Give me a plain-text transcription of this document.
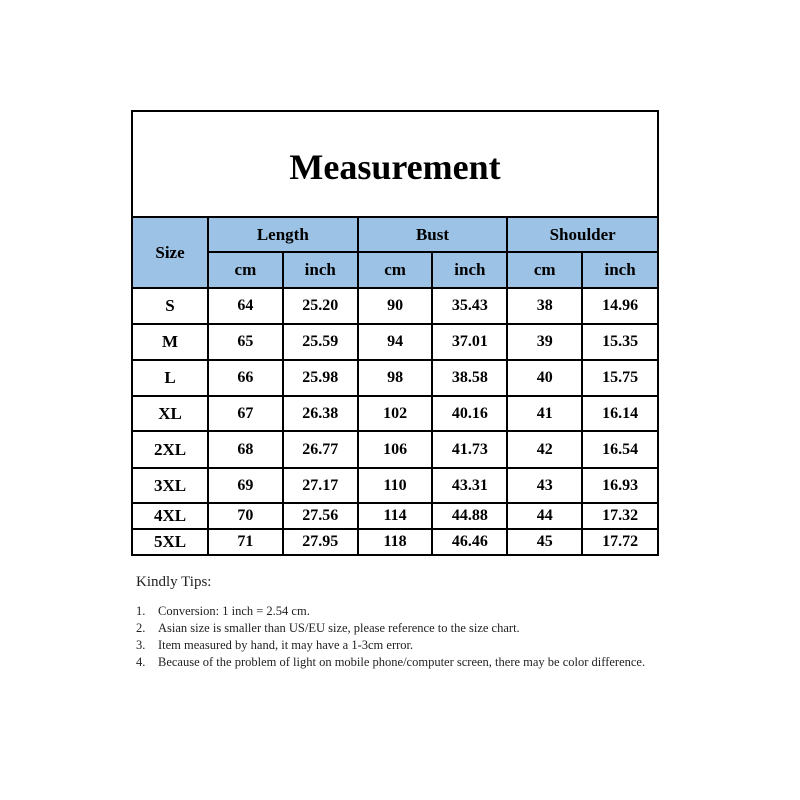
Measurement
Size	Length		Bust		Shoulder	
	cm	inch	cm	inch	cm	inch
S	64	25.20	90	35.43	38	14.96
M	65	25.59	94	37.01	39	15.35
L	66	25.98	98	38.58	40	15.75
XL	67	26.38	102	40.16	41	16.14
2XL	68	26.77	106	41.73	42	16.54
3XL	69	27.17	110	43.31	43	16.93
4XL	70	27.56	114	44.88	44	17.32
5XL	71	27.95	118	46.46	45	17.72
Kindly Tips:
1.	Conversion: 1 inch = 2.54 cm.
2.	Asian size is smaller than US/EU size, please reference to the size chart.
3.	Item measured by hand, it may have a 1-3cm error.
4.	Because of the problem of light on mobile phone/computer screen, there may be color difference.
